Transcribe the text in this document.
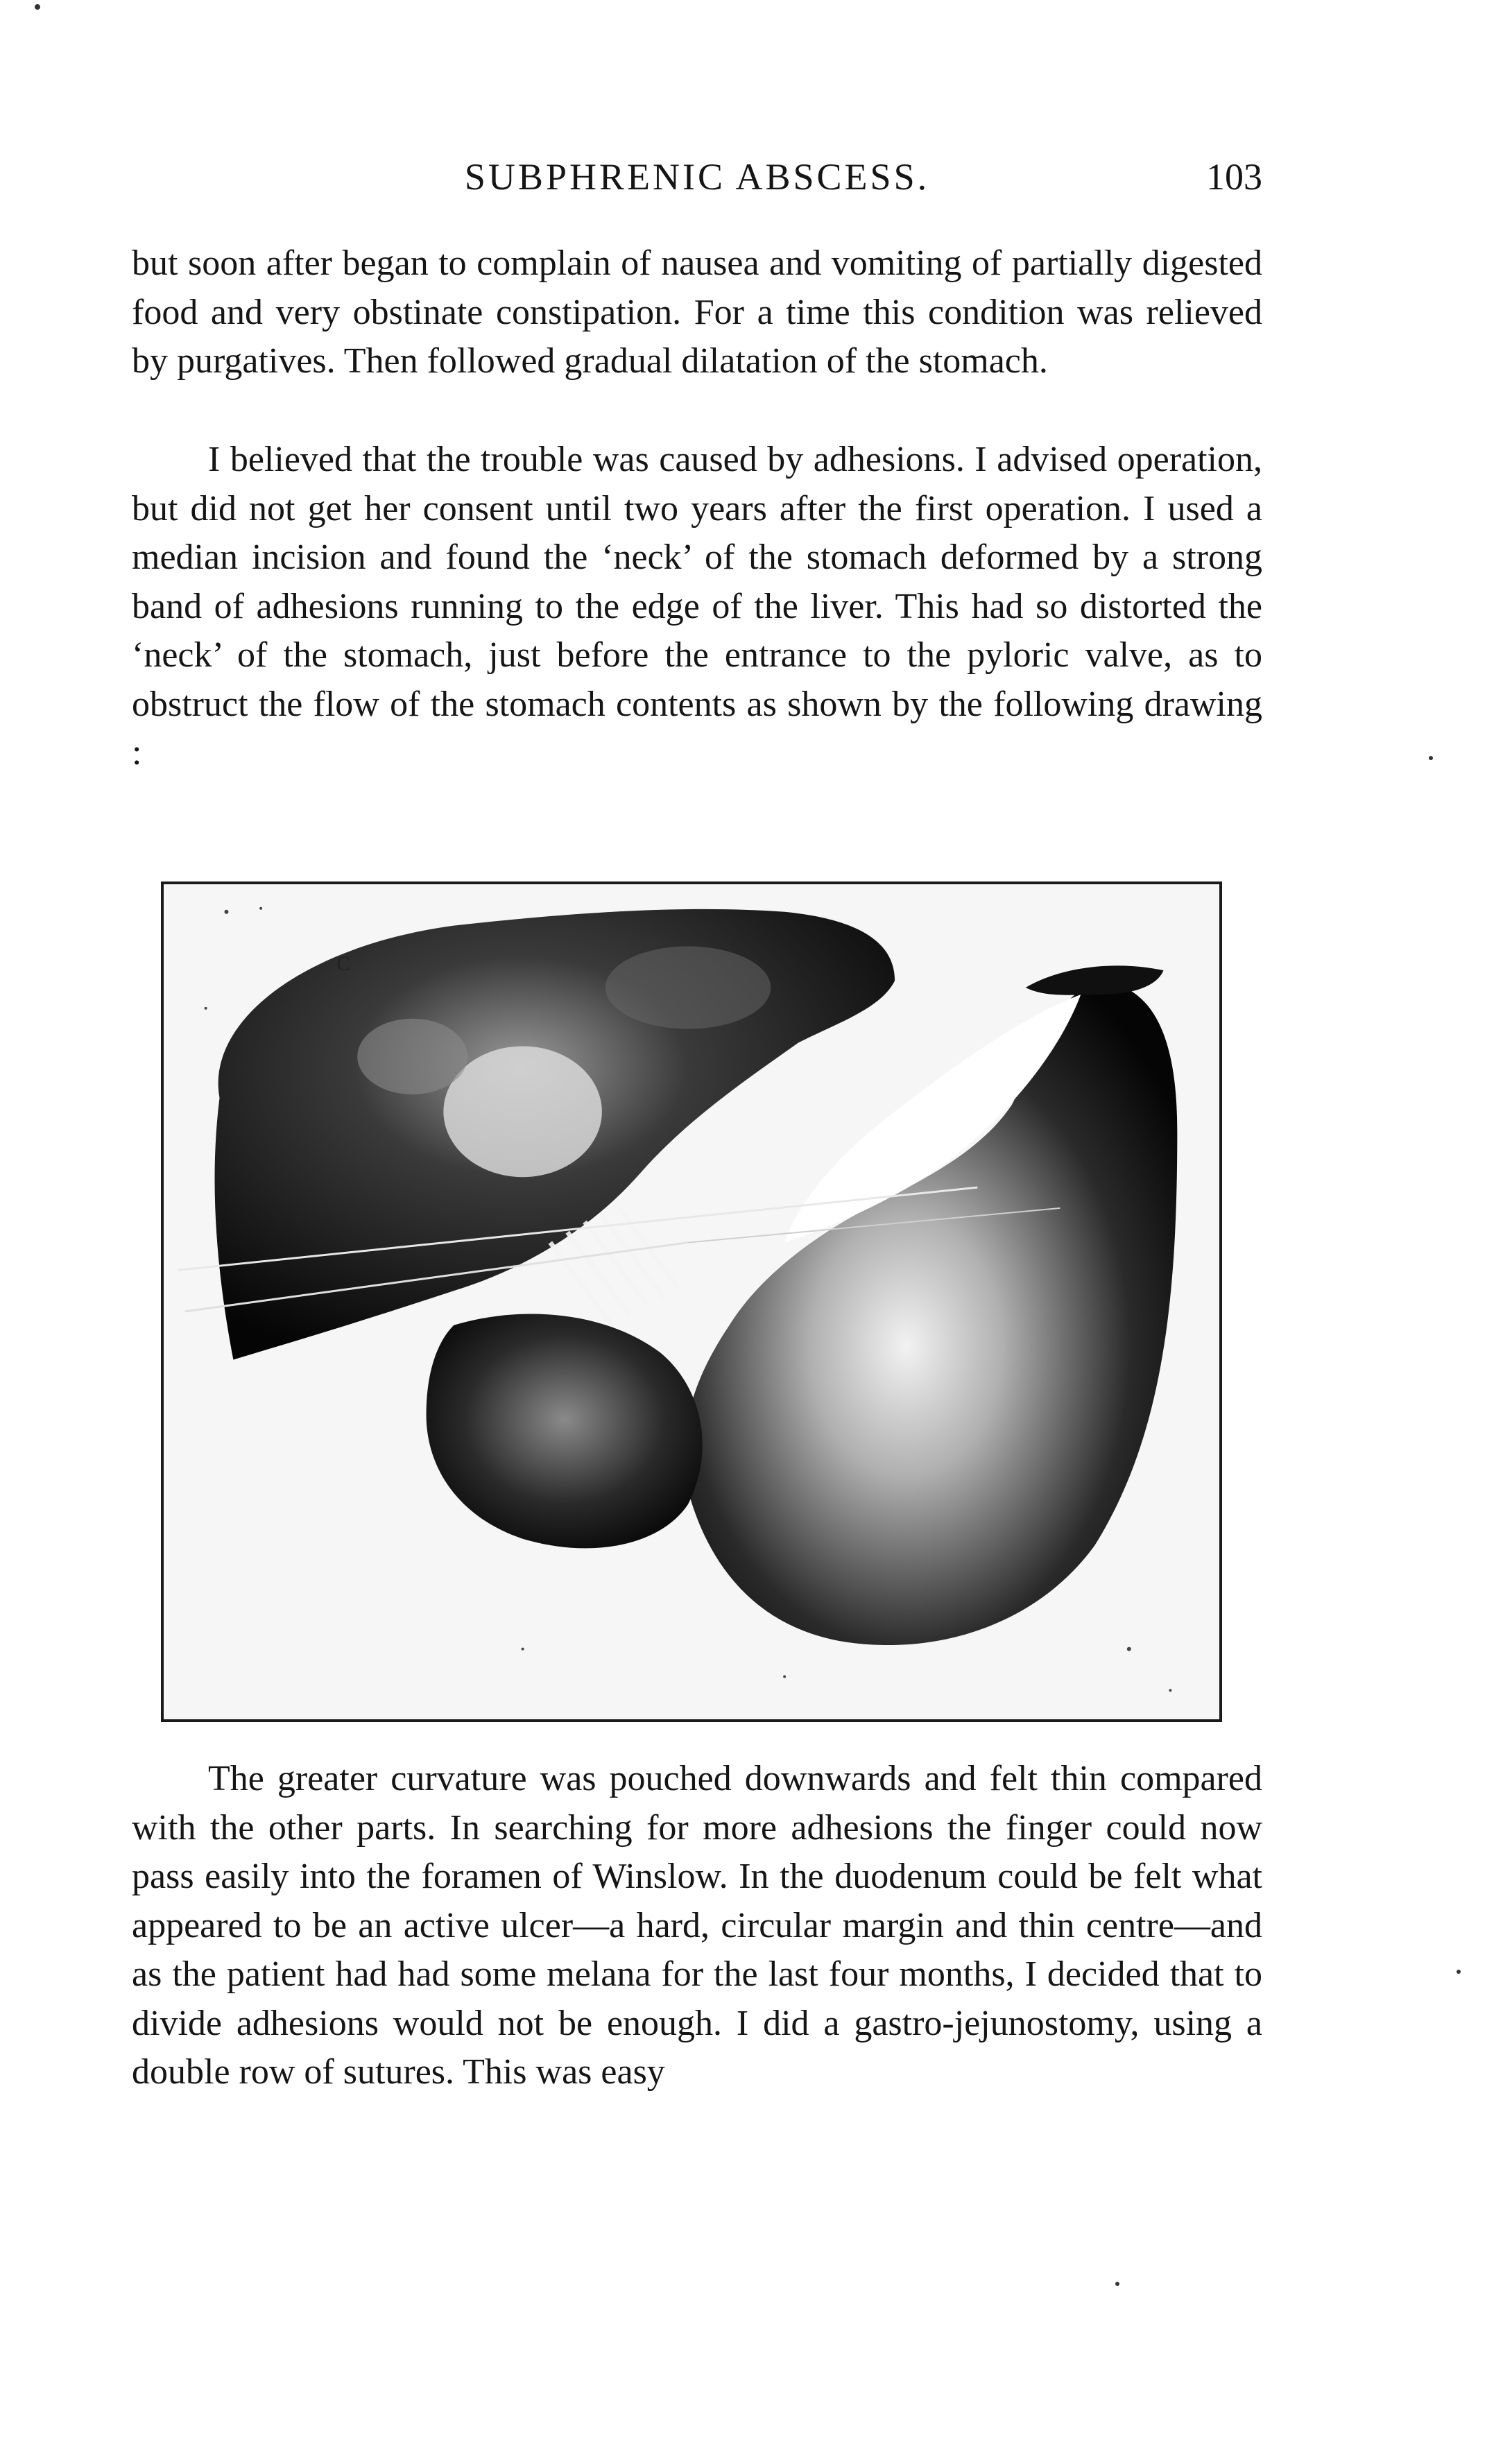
SUBPHRENIC ABSCESS.	103

but soon after began to complain of nausea and vomiting of partially digested food and very obstinate constipation. For a time this condition was relieved by purgatives. Then followed gradual dilatation of the stomach.

I believed that the trouble was caused by adhesions. I advised operation, but did not get her consent until two years after the first operation. I used a median incision and found the ‘neck’ of the stomach deformed by a strong band of adhesions running to the edge of the liver. This had so distorted the ‘neck’ of the stomach, just before the entrance to the pyloric valve, as to obstruct the flow of the stomach contents as shown by the following drawing :

C

The greater curvature was pouched downwards and felt thin compared with the other parts. In searching for more adhesions the finger could now pass easily into the foramen of Winslow. In the duodenum could be felt what appeared to be an active ulcer—a hard, circular margin and thin centre—and as the patient had had some melana for the last four months, I decided that to divide adhesions would not be enough. I did a gastro-jejunostomy, using a double row of sutures. This was easy
